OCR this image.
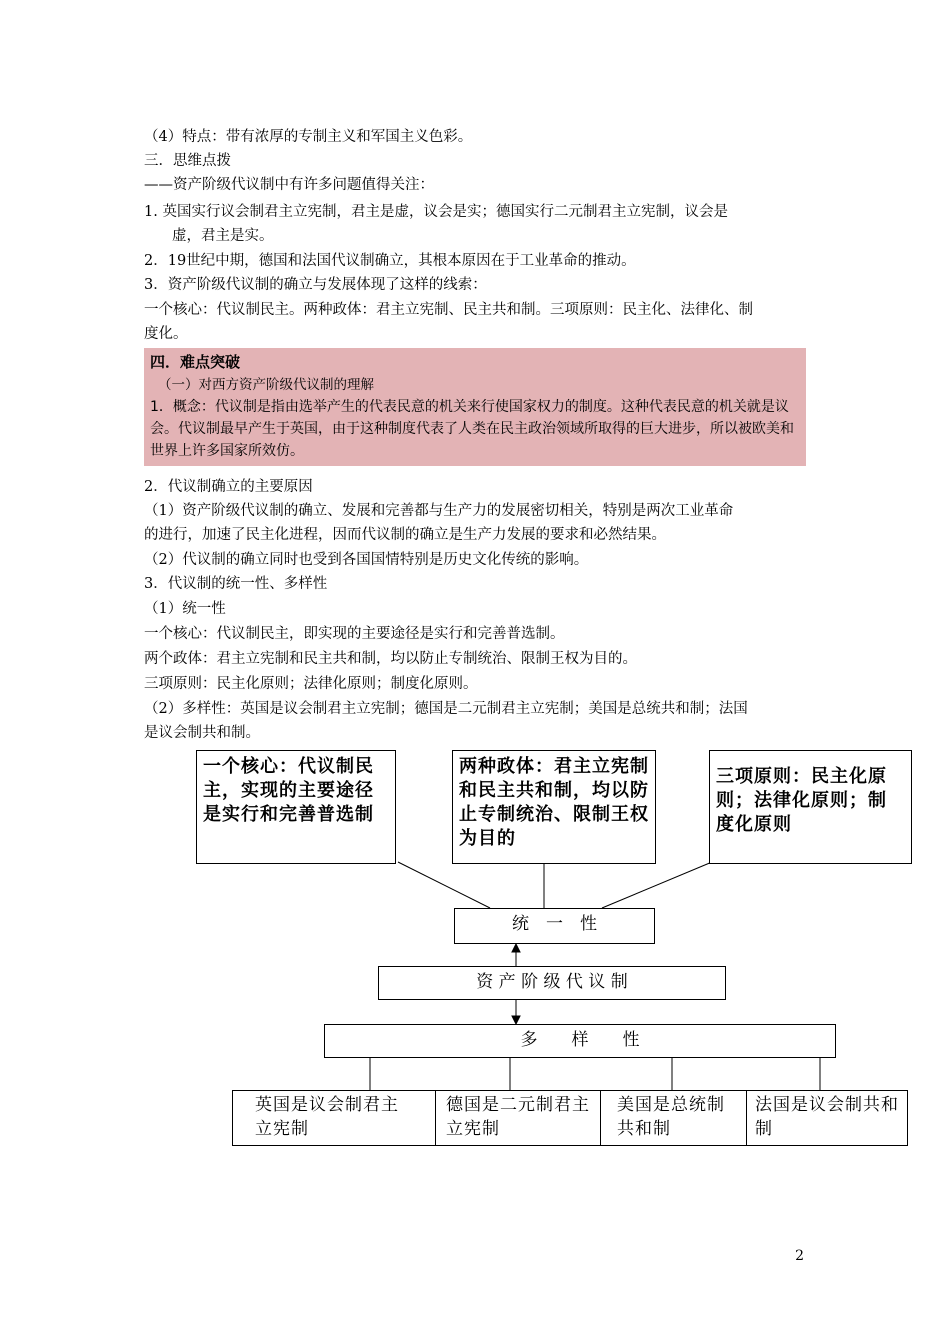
（4）特点：带有浓厚的专制主义和军国主义色彩。
三．思维点拨
——资产阶级代议制中有许多问题值得关注：
1. 英国实行议会制君主立宪制，君主是虚，议会是实；德国实行二元制君主立宪制，议会是
虚，君主是实。
2．19世纪中期，德国和法国代议制确立，其根本原因在于工业革命的推动。
3．资产阶级代议制的确立与发展体现了这样的线索：
一个核心：代议制民主。两种政体：君主立宪制、民主共和制。三项原则：民主化、法律化、制
度化。
四．难点突破
（一）对西方资产阶级代议制的理解
1．概念：代议制是指由选举产生的代表民意的机关来行使国家权力的制度。这种代表民意的机关就是议会。代议制最早产生于英国，由于这种制度代表了人类在民主政治领域所取得的巨大进步，所以被欧美和世界上许多国家所效仿。
2．代议制确立的主要原因
（1）资产阶级代议制的确立、发展和完善都与生产力的发展密切相关，特别是两次工业革命
的进行，加速了民主化进程，因而代议制的确立是生产力发展的要求和必然结果。
（2）代议制的确立同时也受到各国国情特别是历史文化传统的影响。
3．代议制的统一性、多样性
（1）统一性
一个核心：代议制民主，即实现的主要途径是实行和完善普选制。
两个政体：君主立宪制和民主共和制，均以防止专制统治、限制王权为目的。
三项原则：民主化原则；法律化原则；制度化原则。
（2）多样性：英国是议会制君主立宪制；德国是二元制君主立宪制；美国是总统共和制；法国
是议会制共和制。
一个核心：代议制民主，实现的主要途径是实行和完善普选制
两种政体：君主立宪制和民主共和制，均以防止专制统治、限制王权为目的
三项原则：民主化原则；法律化原则；制度化原则
统　一　性
资 产 阶 级 代 议 制
多　　样　　性
英国是议会制君主立宪制
德国是二元制君主立宪制
美国是总统制共和制
法国是议会制共和制
2
